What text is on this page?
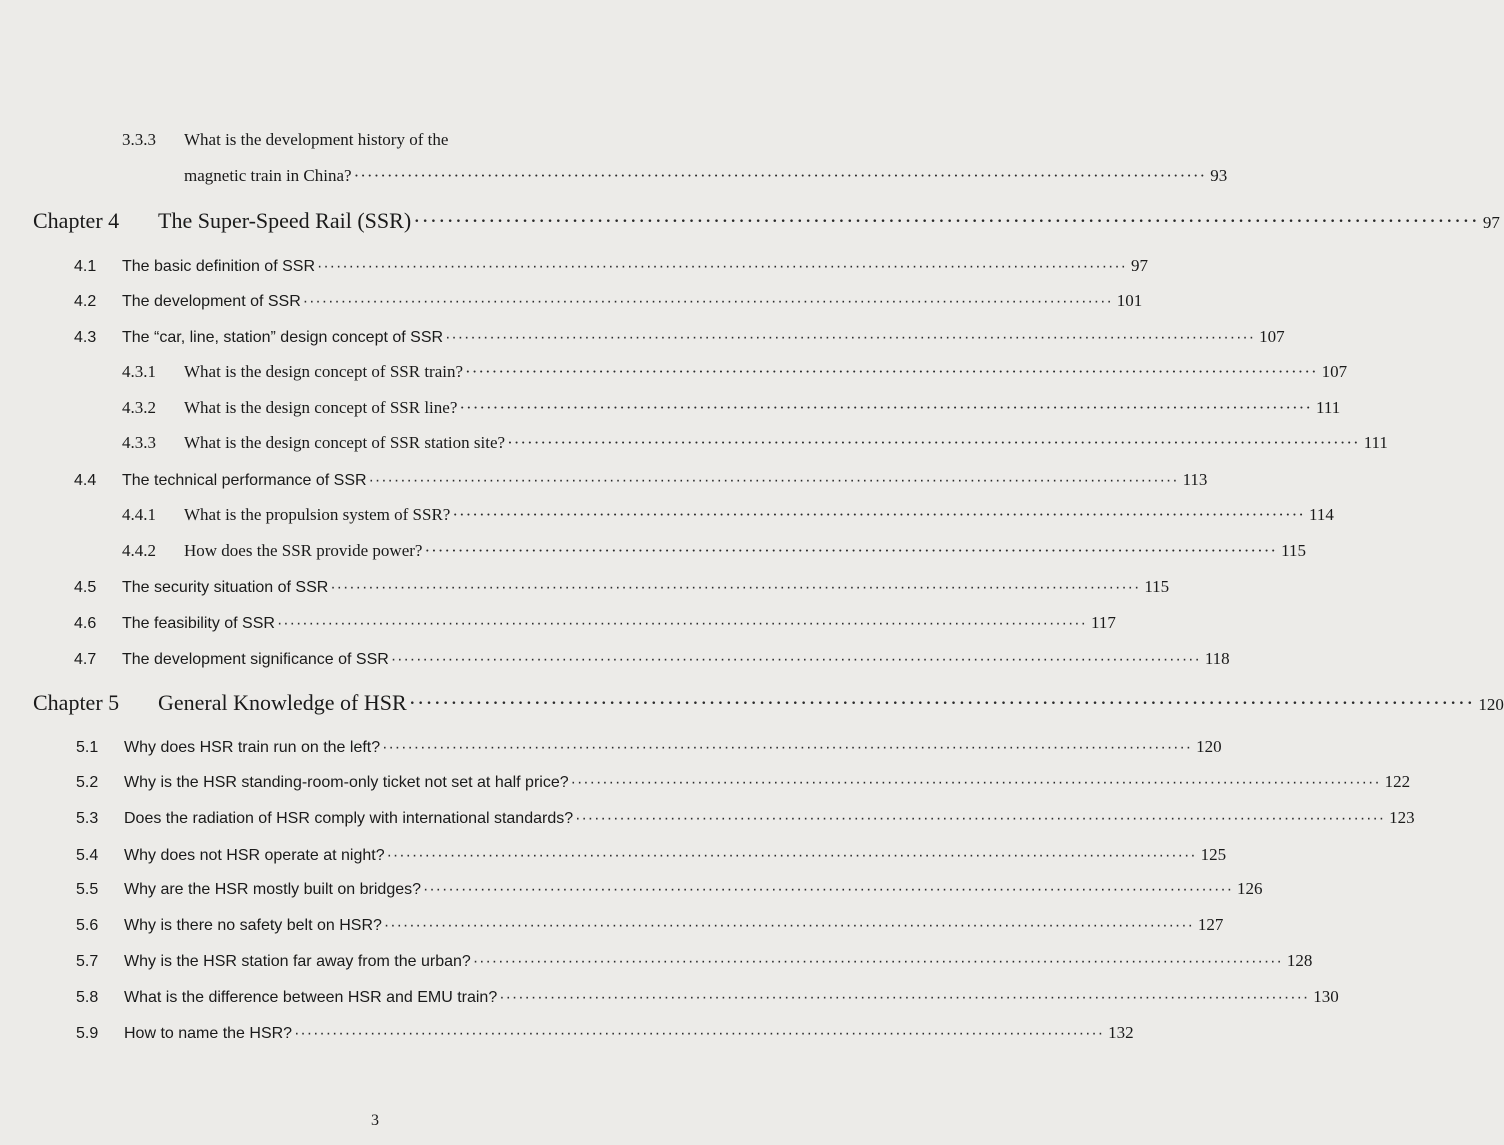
3.3.3	What is the development history of the
magnetic train in China? ································································································································ 93
Chapter 4	The Super-Speed Rail (SSR) ································································································································ 97
4.1	The basic definition of SSR ································································································································ 97
4.2	The development of SSR ································································································································ 101
4.3	The “car, line, station” design concept of SSR ································································································································ 107
4.3.1	What is the design concept of SSR train? ································································································································ 107
4.3.2	What is the design concept of SSR line? ································································································································ 111
4.3.3	What is the design concept of SSR station site? ································································································································ 111
4.4	The technical performance of SSR ································································································································ 113
4.4.1	What is the propulsion system of SSR? ································································································································ 114
4.4.2	How does the SSR provide power? ································································································································ 115
4.5	The security situation of SSR ································································································································ 115
4.6	The feasibility of SSR ································································································································ 117
4.7	The development significance of SSR ································································································································ 118
Chapter 5	General Knowledge of HSR ································································································································ 120
5.1	Why does HSR train run on the left? ································································································································ 120
5.2	Why is the HSR standing-room-only ticket not set at half price? ································································································································ 122
5.3	Does the radiation of HSR comply with international standards? ································································································································ 123
5.4	Why does not HSR operate at night? ································································································································ 125
5.5	Why are the HSR mostly built on bridges? ································································································································ 126
5.6	Why is there no safety belt on HSR? ································································································································ 127
5.7	Why is the HSR station far away from the urban? ································································································································ 128
5.8	What is the difference between HSR and EMU train? ································································································································ 130
5.9	How to name the HSR? ································································································································ 132
3
